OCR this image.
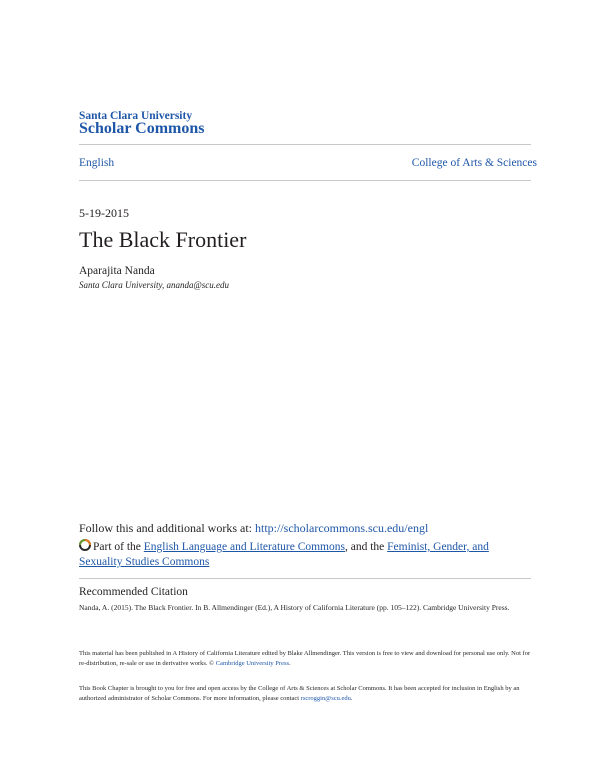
Santa Clara University
Scholar Commons
English	College of Arts & Sciences
5-19-2015
The Black Frontier
Aparajita Nanda
Santa Clara University, ananda@scu.edu
Follow this and additional works at: http://scholarcommons.scu.edu/engl
Part of the English Language and Literature Commons, and the Feminist, Gender, and Sexuality Studies Commons
Recommended Citation
Nanda, A. (2015). The Black Frontier. In B. Allmendinger (Ed.), A History of California Literature (pp. 105–122). Cambridge University Press.
This material has been published in A History of California Literature edited by Blake Allmendinger. This version is free to view and download for personal use only. Not for re-distribution, re-sale or use in derivative works. © Cambridge University Press.
This Book Chapter is brought to you for free and open access by the College of Arts & Sciences at Scholar Commons. It has been accepted for inclusion in English by an authorized administrator of Scholar Commons. For more information, please contact rscroggin@scu.edu.
